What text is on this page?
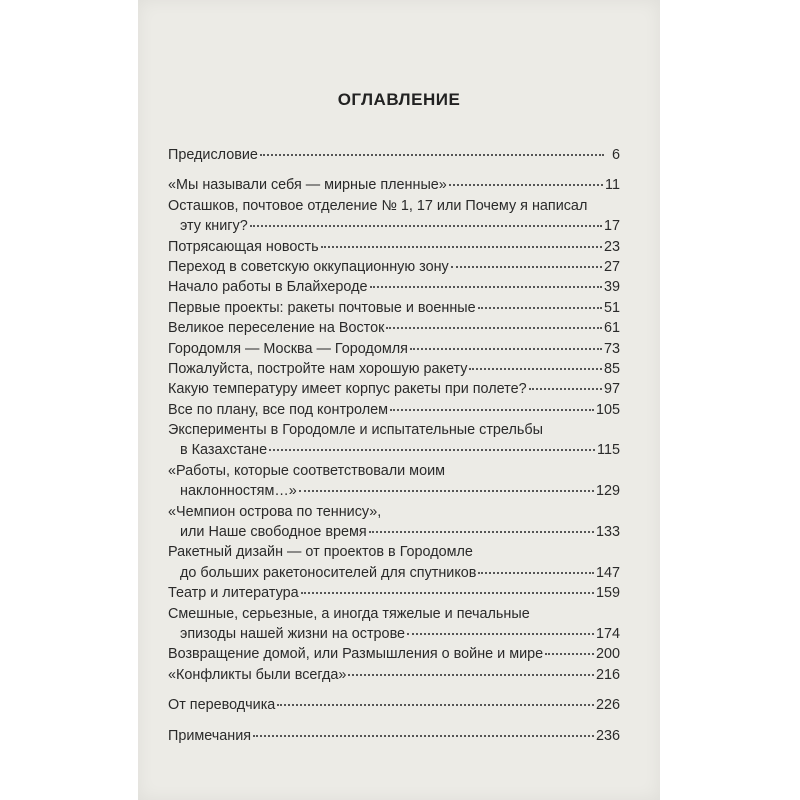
ОГЛАВЛЕНИЕ
Предисловие	6
«Мы называли себя — мирные пленные»	11
Осташков, почтовое отделение № 1, 17 или Почему я написал
эту книгу?	17
Потрясающая новость	23
Переход в советскую оккупационную зону	27
Начало работы в Блайхероде	39
Первые проекты: ракеты почтовые и военные	51
Великое переселение на Восток	61
Городомля — Москва — Городомля	73
Пожалуйста, постройте нам хорошую ракету	85
Какую температуру имеет корпус ракеты при полете?	97
Все по плану, все под контролем	105
Эксперименты в Городомле и испытательные стрельбы
в Казахстане	115
«Работы, которые соответствовали моим
наклонностям…»	129
«Чемпион острова по теннису»,
или Наше свободное время	133
Ракетный дизайн — от проектов в Городомле
до больших ракетоносителей для спутников	147
Театр и литература	159
Смешные, серьезные, а иногда тяжелые и печальные
эпизоды нашей жизни на острове	174
Возвращение домой, или Размышления о войне и мире	200
«Конфликты были всегда»	216
От переводчика	226
Примечания	236
